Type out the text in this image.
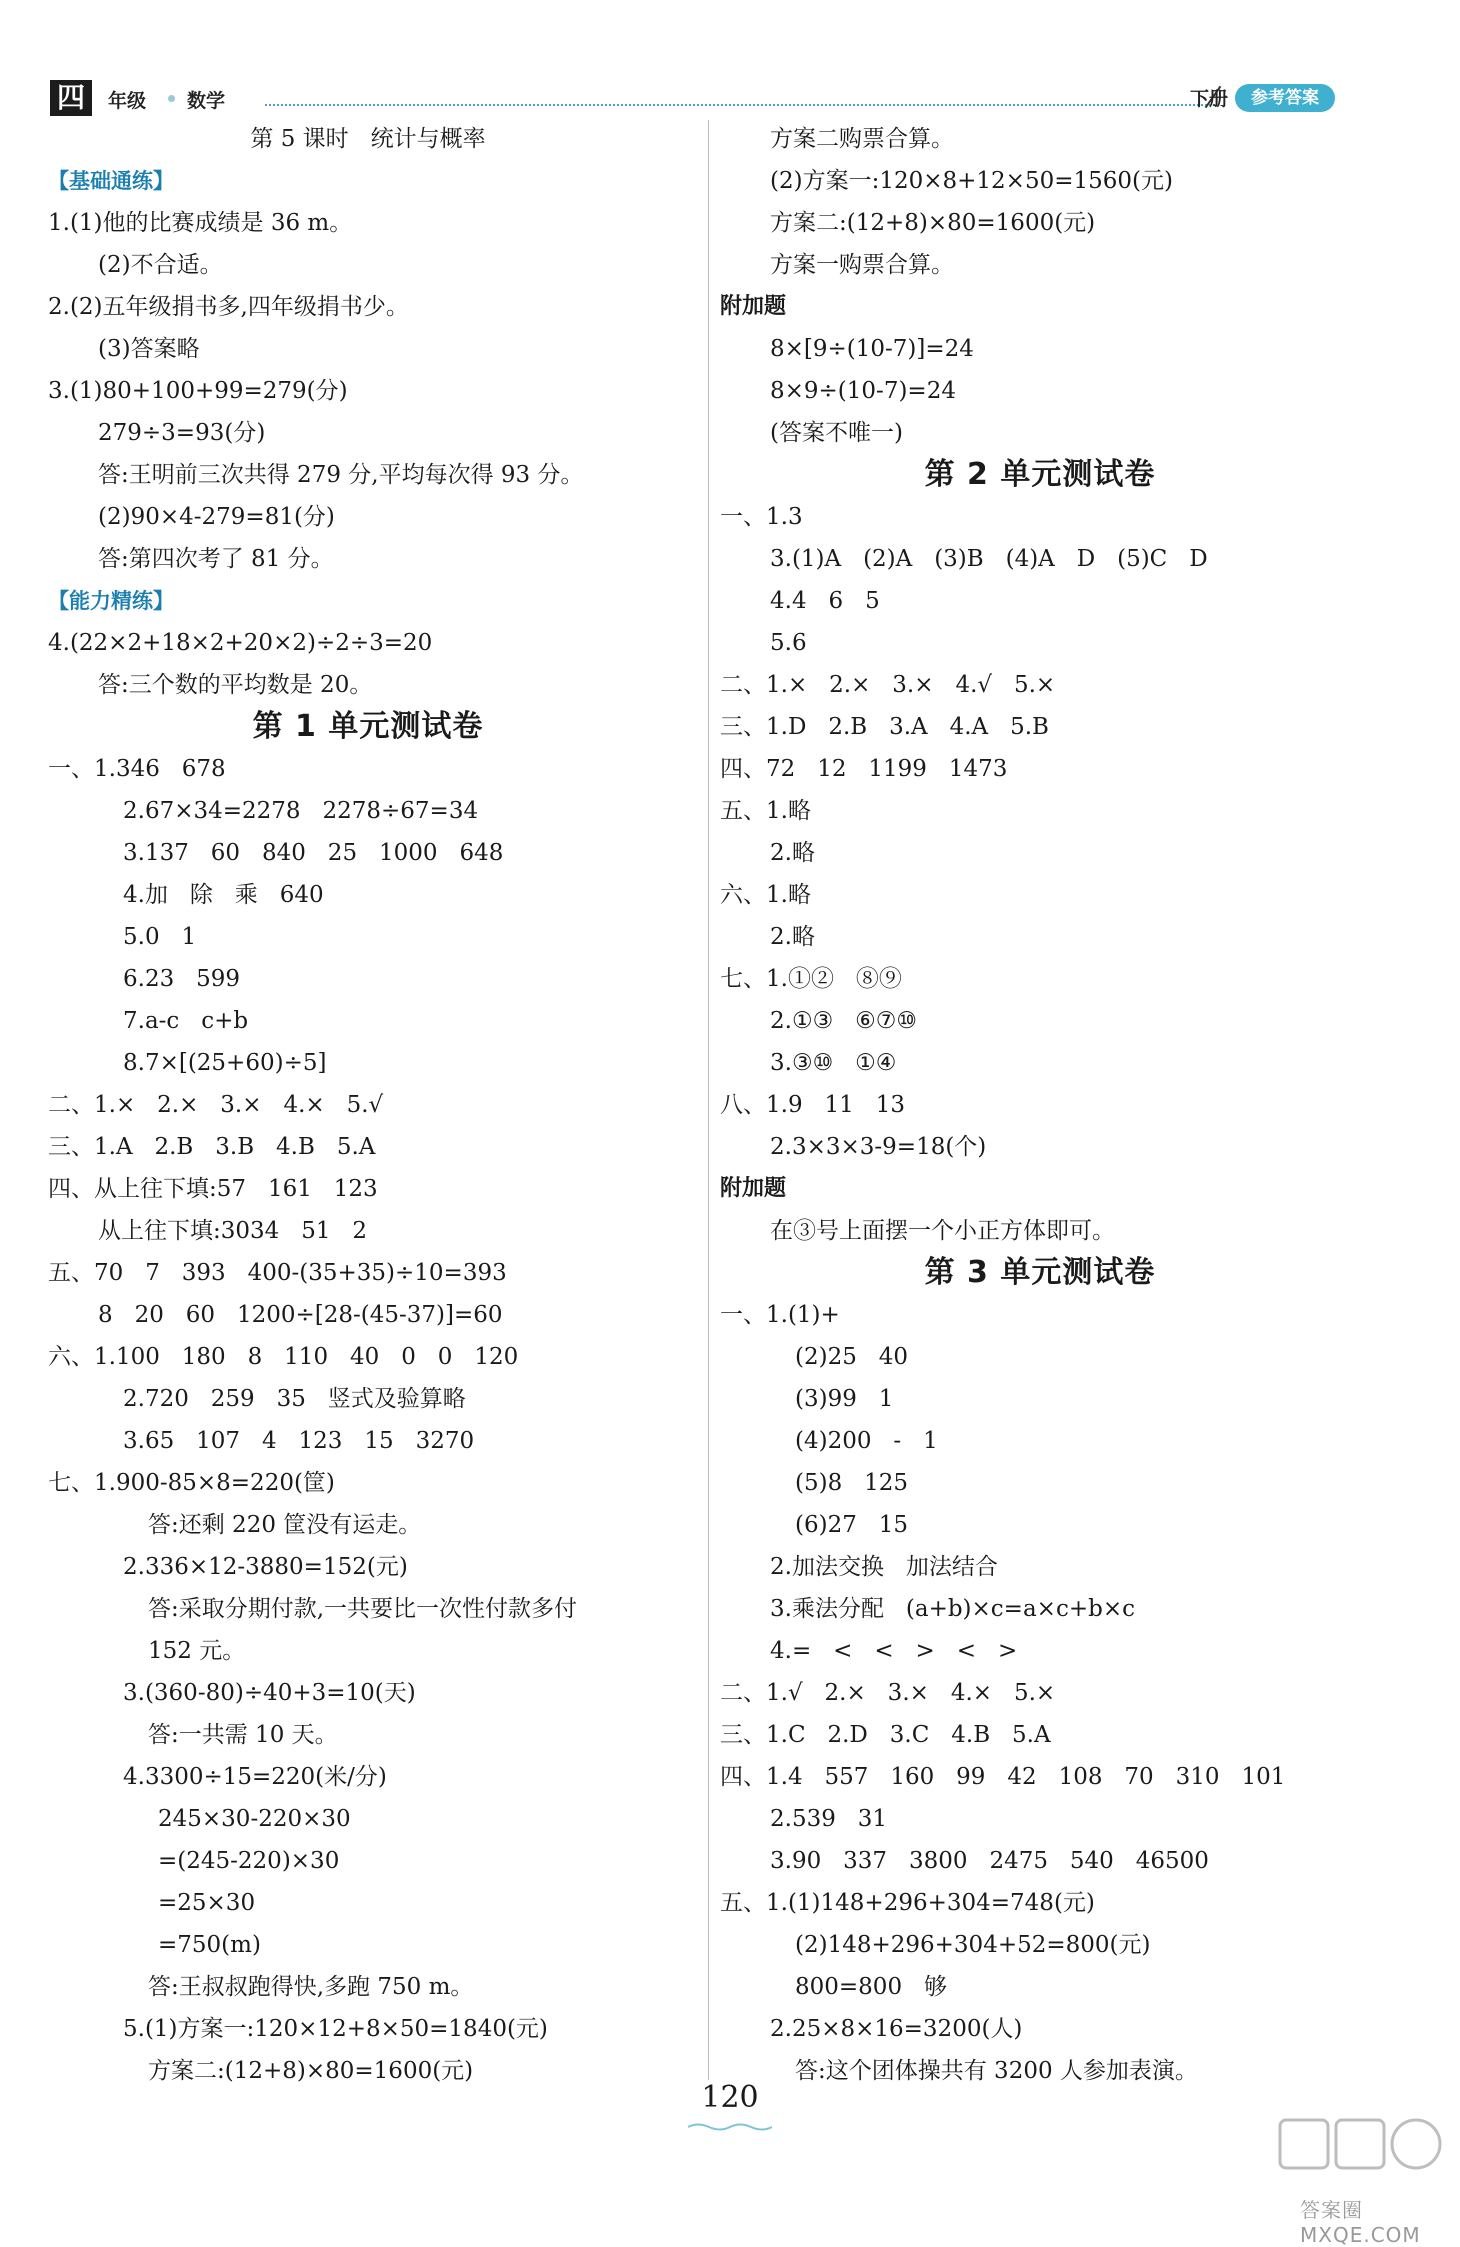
四	年级 数学	下册	参考答案
第 5 课时   统计与概率
【基础通练】
1.(1)他的比赛成绩是 36 m。
(2)不合适。
2.(2)五年级捐书多,四年级捐书少。
(3)答案略
3.(1)80+100+99=279(分)
279÷3=93(分)
答:王明前三次共得 279 分,平均每次得 93 分。
(2)90×4-279=81(分)
答:第四次考了 81 分。
【能力精练】
4.(22×2+18×2+20×2)÷2÷3=20
答:三个数的平均数是 20。
第 1 单元测试卷
一、1.346   678
2.67×34=2278   2278÷67=34
3.137   60   840   25   1000   648
4.加   除   乘   640
5.0   1
6.23   599
7.a-c   c+b
8.7×[(25+60)÷5]
二、1.×   2.×   3.×   4.×   5.√
三、1.A   2.B   3.B   4.B   5.A
四、从上往下填:57   161   123
从上往下填:3034   51   2
五、70   7   393   400-(35+35)÷10=393
8   20   60   1200÷[28-(45-37)]=60
六、1.100   180   8   110   40   0   0   120
2.720   259   35   竖式及验算略
3.65   107   4   123   15   3270
七、1.900-85×8=220(筐)
答:还剩 220 筐没有运走。
2.336×12-3880=152(元)
答:采取分期付款,一共要比一次性付款多付
152 元。
3.(360-80)÷40+3=10(天)
答:一共需 10 天。
4.3300÷15=220(米/分)
245×30-220×30
=(245-220)×30
=25×30
=750(m)
答:王叔叔跑得快,多跑 750 m。
5.(1)方案一:120×12+8×50=1840(元)
方案二:(12+8)×80=1600(元)
方案二购票合算。
(2)方案一:120×8+12×50=1560(元)
方案二:(12+8)×80=1600(元)
方案一购票合算。
附加题
8×[9÷(10-7)]=24
8×9÷(10-7)=24
(答案不唯一)
第 2 单元测试卷
一、1.3
3.(1)A   (2)A   (3)B   (4)A   D   (5)C   D
4.4   6   5
5.6
二、1.×   2.×   3.×   4.√   5.×
三、1.D   2.B   3.A   4.A   5.B
四、72   12   1199   1473
五、1.略
2.略
六、1.略
2.略
七、1.①②   ⑧⑨
2.①③   ⑥⑦⑩
3.③⑩   ①④
八、1.9   11   13
2.3×3×3-9=18(个)
附加题
在③号上面摆一个小正方体即可。
第 3 单元测试卷
一、1.(1)+
(2)25   40
(3)99   1
(4)200   -   1
(5)8   125
(6)27   15
2.加法交换   加法结合
3.乘法分配   (a+b)×c=a×c+b×c
4.=   <   <   >   <   >
二、1.√   2.×   3.×   4.×   5.×
三、1.C   2.D   3.C   4.B   5.A
四、1.4   557   160   99   42   108   70   310   101
2.539   31
3.90   337   3800   2475   540   46500
五、1.(1)148+296+304=748(元)
(2)148+296+304+52=800(元)
800=800   够
2.25×8×16=3200(人)
答:这个团体操共有 3200 人参加表演。
120
答案圈 MXQE.COM
